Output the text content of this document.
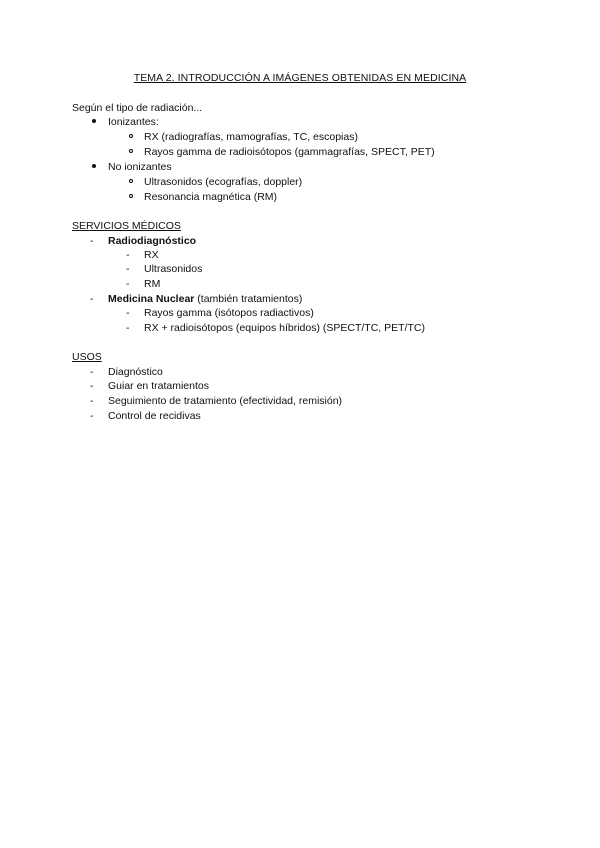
TEMA 2. INTRODUCCIÓN A IMÁGENES OBTENIDAS EN MEDICINA
Según el tipo de radiación...
Ionizantes:
RX (radiografías, mamografías, TC, escopias)
Rayos gamma de radioisótopos (gammagrafías, SPECT, PET)
No ionizantes
Ultrasonidos (ecografías, doppler)
Resonancia magnética (RM)
SERVICIOS MÉDICOS
- Radiodiagnóstico
- RX
- Ultrasonidos
- RM
- Medicina Nuclear (también tratamientos)
- Rayos gamma (isótopos radiactivos)
- RX + radioisótopos (equipos híbridos) (SPECT/TC, PET/TC)
USOS
- Diagnóstico
- Guiar en tratamientos
- Seguimiento de tratamiento (efectividad, remisión)
- Control de recidivas
